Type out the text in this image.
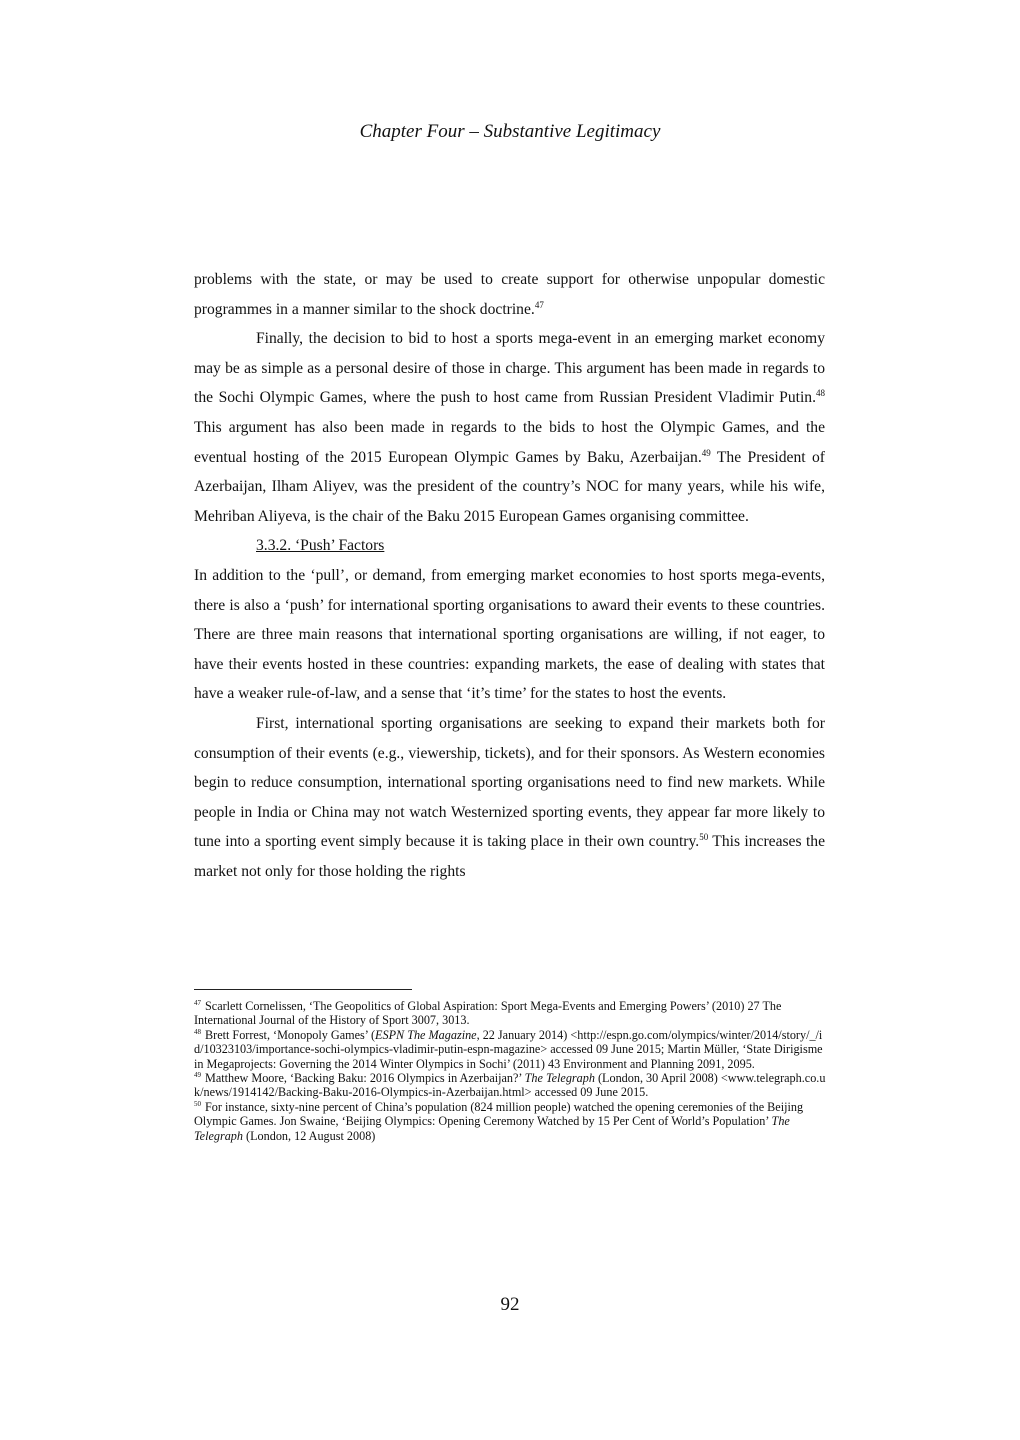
Chapter Four – Substantive Legitimacy

problems with the state, or may be used to create support for otherwise unpopular domestic programmes in a manner similar to the shock doctrine.$^{47}$

Finally, the decision to bid to host a sports mega-event in an emerging market economy may be as simple as a personal desire of those in charge. This argument has been made in regards to the Sochi Olympic Games, where the push to host came from Russian President Vladimir Putin.$^{48}$ This argument has also been made in regards to the bids to host the Olympic Games, and the eventual hosting of the 2015 European Olympic Games by Baku, Azerbaijan.$^{49}$ The President of Azerbaijan, Ilham Aliyev, was the president of the country’s NOC for many years, while his wife, Mehriban Aliyeva, is the chair of the Baku 2015 European Games organising committee.

3.3.2. ‘Push’ Factors

In addition to the ‘pull’, or demand, from emerging market economies to host sports mega-events, there is also a ‘push’ for international sporting organisations to award their events to these countries. There are three main reasons that international sporting organisations are willing, if not eager, to have their events hosted in these countries: expanding markets, the ease of dealing with states that have a weaker rule-of-law, and a sense that ‘it’s time’ for the states to host the events.

First, international sporting organisations are seeking to expand their markets both for consumption of their events (e.g., viewership, tickets), and for their sponsors. As Western economies begin to reduce consumption, international sporting organisations need to find new markets. While people in India or China may not watch Westernized sporting events, they appear far more likely to tune into a sporting event simply because it is taking place in their own country.$^{50}$ This increases the market not only for those holding the rights

$^{47}$ Scarlett Cornelissen, ‘The Geopolitics of Global Aspiration: Sport Mega-Events and Emerging Powers’ (2010) 27 The International Journal of the History of Sport 3007, 3013.

$^{48}$ Brett Forrest, ‘Monopoly Games’ (ESPN The Magazine, 22 January 2014) <http://espn.go.com/olympics/winter/2014/story/_/id/10323103/importance-sochi-olympics-vladimir-putin-espn-magazine> accessed 09 June 2015; Martin Müller, ‘State Dirigisme in Megaprojects: Governing the 2014 Winter Olympics in Sochi’ (2011) 43 Environment and Planning 2091, 2095.

$^{49}$ Matthew Moore, ‘Backing Baku: 2016 Olympics in Azerbaijan?’ The Telegraph (London, 30 April 2008) <www.telegraph.co.uk/news/1914142/Backing-Baku-2016-Olympics-in-Azerbaijan.html> accessed 09 June 2015.

$^{50}$ For instance, sixty-nine percent of China’s population (824 million people) watched the opening ceremonies of the Beijing Olympic Games. Jon Swaine, ‘Beijing Olympics: Opening Ceremony Watched by 15 Per Cent of World’s Population’ The Telegraph (London, 12 August 2008)

92
